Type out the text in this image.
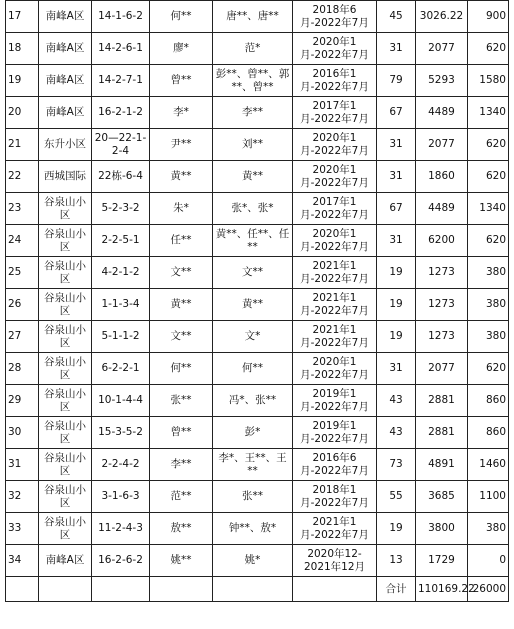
17	南峰A区	14-1-6-2	何**	唐**、唐**	2018年6月-2022年7月	45	3026.22	900
18	南峰A区	14-2-6-1	廖*	范*	2020年1月-2022年7月	31	2077	620
19	南峰A区	14-2-7-1	曾**	彭**、曾**、郭**、曾**	2016年1月-2022年7月	79	5293	1580
20	南峰A区	16-2-1-2	李*	李**	2017年1月-2022年7月	67	4489	1340
21	东升小区	20—22-1-2-4	尹**	刘**	2020年1月-2022年7月	31	2077	620
22	西城国际	22栋-6-4	黄**	黄**	2020年1月-2022年7月	31	1860	620
23	谷泉山小区	5-2-3-2	朱*	张*、张*	2017年1月-2022年7月	67	4489	1340
24	谷泉山小区	2-2-5-1	任**	黄**、任**、任**	2020年1月-2022年7月	31	6200	620
25	谷泉山小区	4-2-1-2	文**	文**	2021年1月-2022年7月	19	1273	380
26	谷泉山小区	1-1-3-4	黄**	黄**	2021年1月-2022年7月	19	1273	380
27	谷泉山小区	5-1-1-2	文**	文*	2021年1月-2022年7月	19	1273	380
28	谷泉山小区	6-2-2-1	何**	何**	2020年1月-2022年7月	31	2077	620
29	谷泉山小区	10-1-4-4	张**	冯*、张**	2019年1月-2022年7月	43	2881	860
30	谷泉山小区	15-3-5-2	曾**	彭*	2019年1月-2022年7月	43	2881	860
31	谷泉山小区	2-2-4-2	李**	李*、王**、王**	2016年6月-2022年7月	73	4891	1460
32	谷泉山小区	3-1-6-3	范**	张**	2018年1月-2022年7月	55	3685	1100
33	谷泉山小区	11-2-4-3	敖**	钟**、敖*	2021年1月-2022年7月	19	3800	380
34	南峰A区	16-2-6-2	姚**	姚*	2020年12-2021年12月	13	1729	0
						合计	110169.22	26000
